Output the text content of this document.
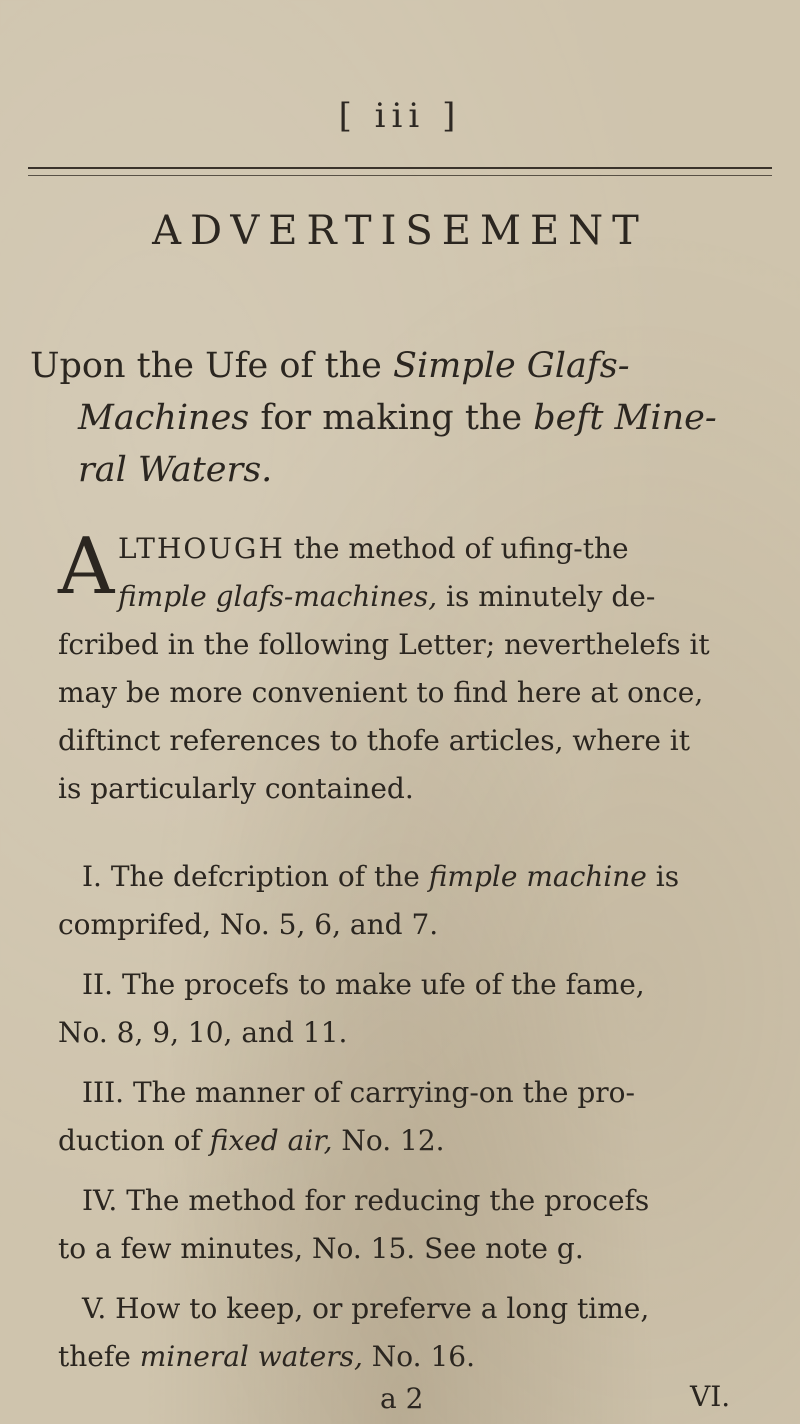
[ iii ]
ADVERTISEMENT
Upon the Ufe of the Simple Glafs-
Machines for making the beft Mine-
ral Waters.
A LTHOUGH the method of ufing-the
fimple glafs-machines, is minutely de-
fcribed in the following Letter; neverthelefs it
may be more convenient to find here at once,
diftinct references to thofe articles, where it
is particularly contained.
I. The defcription of the fimple machine is
comprifed, No. 5, 6, and 7.
II. The procefs to make ufe of the fame,
No. 8, 9, 10, and 11.
III. The manner of carrying-on the pro-
duction of fixed air, No. 12.
IV. The method for reducing the procefs
to a few minutes, No. 15. See note g.
V. How to keep, or preferve a long time,
thefe mineral waters, No. 16.
a 2	VI.
